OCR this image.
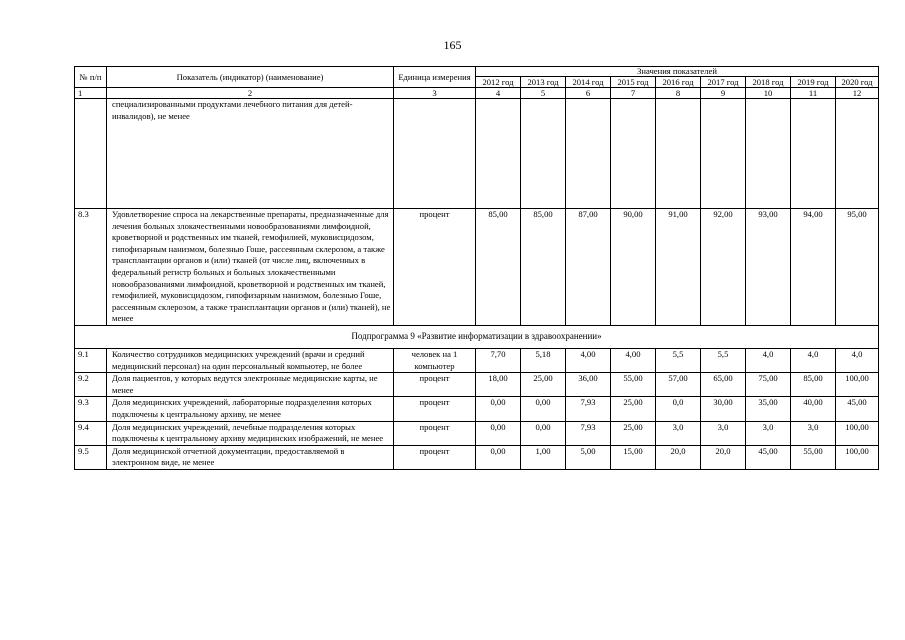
165
№ п/п	Показатель (индикатор) (наименование)	Единица измерения	Значения показателей								
			2012 год	2013 год	2014 год	2015 год	2016 год	2017 год	2018 год	2019 год	2020 год
1	2	3	4	5	6	7	8	9	10	11	12
	специализированными продуктами лечебного питания для детей-инвалидов), не менее										
8.3	Удовлетворение спроса на лекарственные препараты, предназначенные для лечения больных злокачественными новообразованиями лимфоидной, кроветворной и родственных им тканей, гемофилией, муковисцидозом, гипофизарным нанизмом, болезнью Гоше, рассеянным склерозом, а также трансплантации органов и (или) тканей (от числе лиц, включенных в федеральный регистр больных и больных злокачественными новообразованиями лимфоидной, кроветворной и родственных им тканей, гемофилией, муковисцидозом, гипофизарным нанизмом, болезнью Гоше, рассеянным склерозом, а также трансплантации органов и (или) тканей), не менее	процент	85,00	85,00	87,00	90,00	91,00	92,00	93,00	94,00	95,00
Подпрограмма 9 «Развитие информатизации в здравоохранении»											
9.1	Количество сотрудников медицинских учреждений (врачи и средний медицинский персонал) на один персональный компьютер, не более	человек на 1 компьютер	7,70	5,18	4,00	4,00	5,5	5,5	4,0	4,0	4,0
9.2	Доля пациентов, у которых ведутся электронные медицинские карты, не менее	процент	18,00	25,00	36,00	55,00	57,00	65,00	75,00	85,00	100,00
9.3	Доля медицинских учреждений, лабораторные подразделения которых подключены к центральному архиву, не менее	процент	0,00	0,00	7,93	25,00	0,0	30,00	35,00	40,00	45,00
9.4	Доля медицинских учреждений, лечебные подразделения которых подключены к центральному архиву медицинских изображений, не менее	процент	0,00	0,00	7,93	25,00	3,0	3,0	3,0	3,0	100,00
9.5	Доля медицинской отчетной документации, предоставляемой в электронном виде, не менее	процент	0,00	1,00	5,00	15,00	20,0	20,0	45,00	55,00	100,00
